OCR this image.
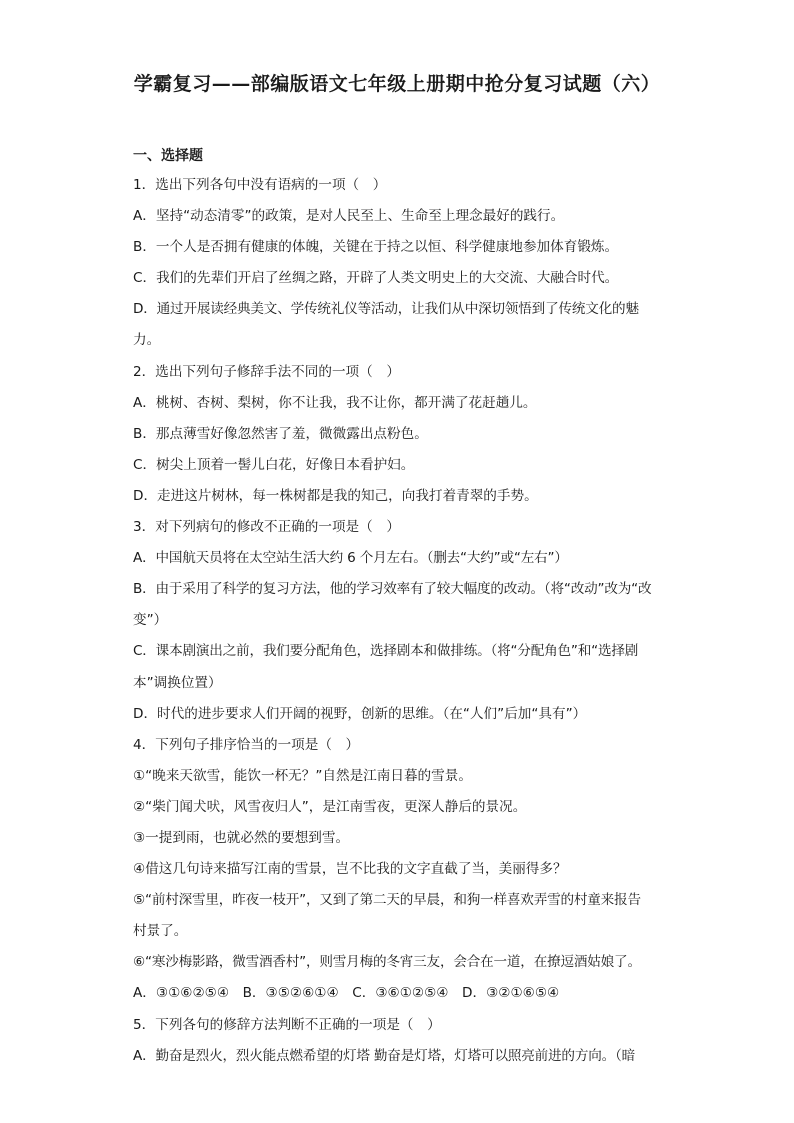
学霸复习——部编版语文七年级上册期中抢分复习试题（六）
一、选择题
1．选出下列各句中没有语病的一项（　）
A．坚持“动态清零”的政策，是对人民至上、生命至上理念最好的践行。
B．一个人是否拥有健康的体魄，关键在于持之以恒、科学健康地参加体育锻炼。
C．我们的先辈们开启了丝绸之路，开辟了人类文明史上的大交流、大融合时代。
D．通过开展读经典美文、学传统礼仪等活动，让我们从中深切领悟到了传统文化的魅
力。
2．选出下列句子修辞手法不同的一项（　）
A．桃树、杏树、梨树，你不让我，我不让你，都开满了花赶趟儿。
B．那点薄雪好像忽然害了羞，微微露出点粉色。
C．树尖上顶着一髻儿白花，好像日本看护妇。
D．走进这片树林，每一株树都是我的知己，向我打着青翠的手势。
3．对下列病句的修改不正确的一项是（　）
A．中国航天员将在太空站生活大约 6 个月左右。（删去“大约”或“左右”）
B．由于采用了科学的复习方法，他的学习效率有了较大幅度的改动。（将“改动”改为“改
变”）
C．课本剧演出之前，我们要分配角色，选择剧本和做排练。（将“分配角色”和“选择剧
本”调换位置）
D．时代的进步要求人们开阔的视野，创新的思维。（在“人们”后加“具有”）
4．下列句子排序恰当的一项是（　）
①“晚来天欲雪，能饮一杯无？”自然是江南日暮的雪景。
②“柴门闻犬吠，风雪夜归人”，是江南雪夜，更深人静后的景况。
③一提到雨，也就必然的要想到雪。
④借这几句诗来描写江南的雪景，岂不比我的文字直截了当，美丽得多？
⑤“前村深雪里，昨夜一枝开”，又到了第二天的早晨，和狗一样喜欢弄雪的村童来报告
村景了。
⑥“寒沙梅影路，微雪酒香村”，则雪月梅的冬宵三友，会合在一道，在撩逗酒姑娘了。
A．③①⑥②⑤④　B．③⑤②⑥①④　C．③⑥①②⑤④　D．③②①⑥⑤④
5．下列各句的修辞方法判断不正确的一项是（　）
A．勤奋是烈火，烈火能点燃希望的灯塔 勤奋是灯塔，灯塔可以照亮前进的方向。（暗
